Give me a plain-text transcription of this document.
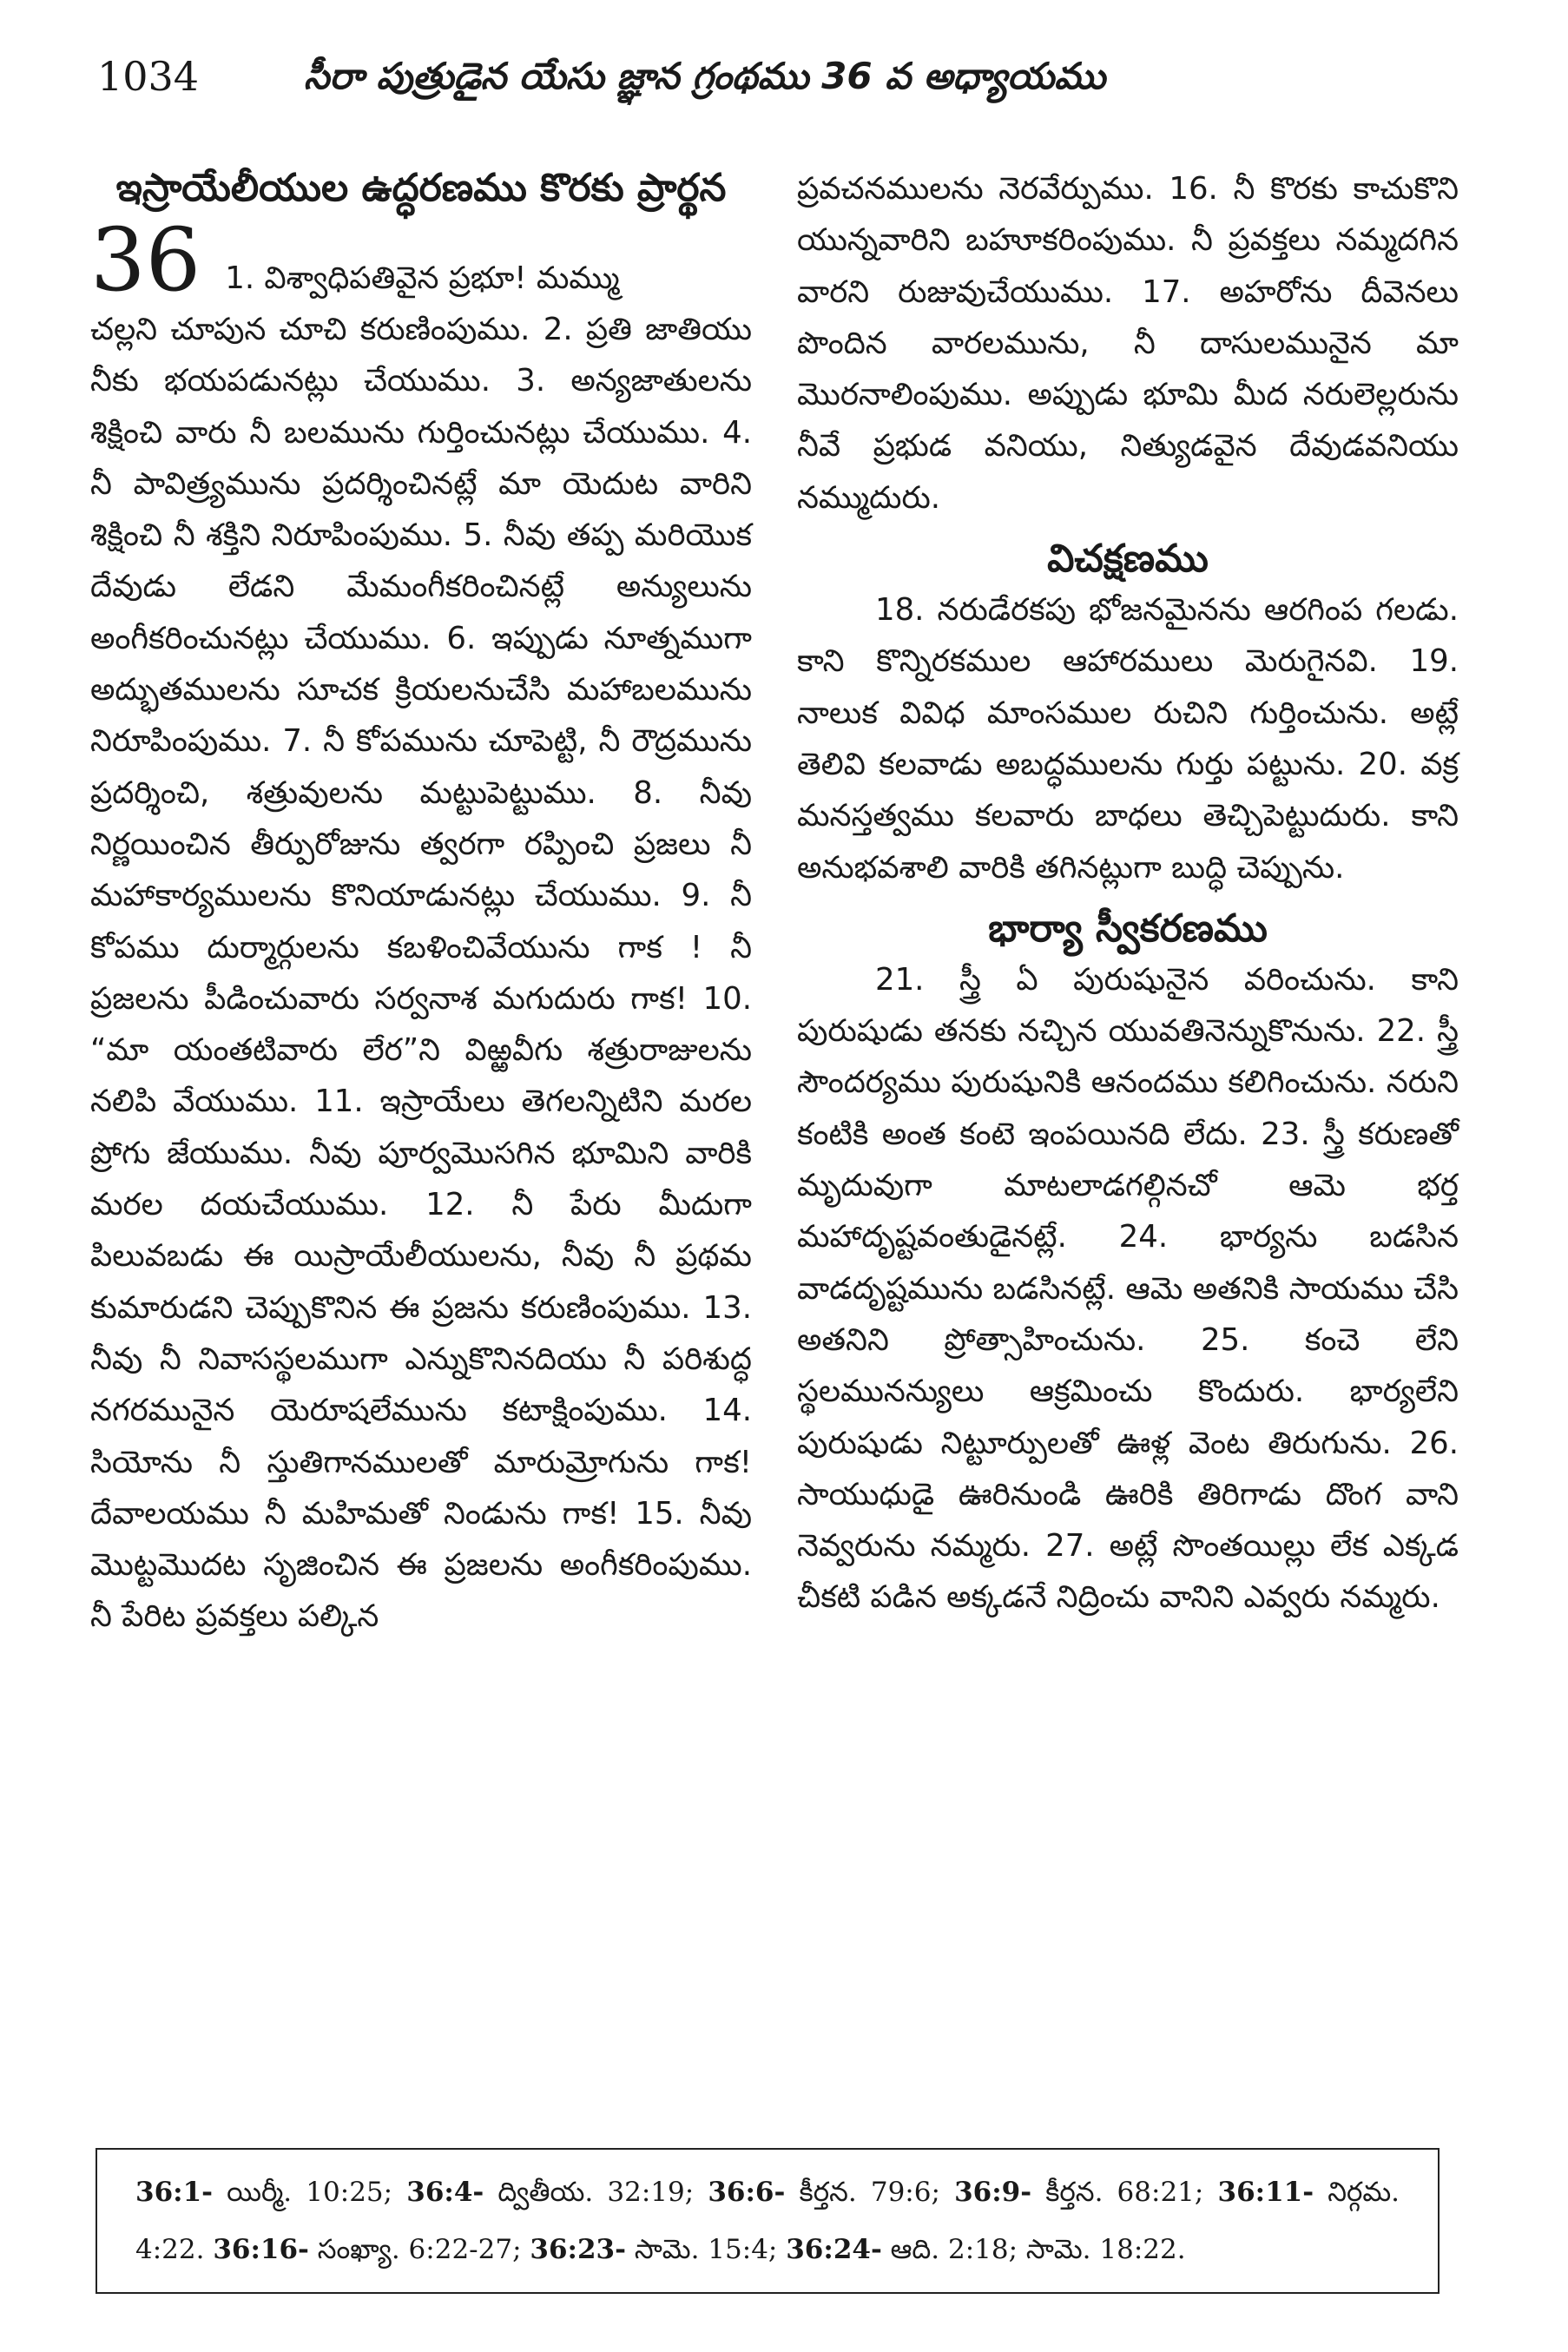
1034	సీరా పుత్రుడైన యేసు జ్ఞాన గ్రంథము 36 వ అధ్యాయము
ఇస్రాయేలీయుల ఉద్ధరణము కొరకు ప్రార్థన
36 1. విశ్వాధిపతివైన ప్రభూ! మమ్ము

చల్లని చూపున చూచి కరుణింపుము. 2. ప్రతి జాతియు నీకు భయపడునట్లు చేయుము. 3. అన్యజాతులను శిక్షించి వారు నీ బలమును గుర్తించునట్లు చేయుము. 4. నీ పావిత్ర్యమును ప్రదర్శించినట్లే మా యెదుట వారిని శిక్షించి నీ శక్తిని నిరూపింపుము. 5. నీవు తప్ప మరియొక దేవుడు లేడని మేమంగీకరించినట్లే అన్యులును అంగీకరించునట్లు చేయుము. 6. ఇప్పుడు నూత్నముగా అద్భుతములను సూచక క్రియలనుచేసి మహాబలమును నిరూపింపుము. 7. నీ కోపమును చూపెట్టి, నీ రౌద్రమును ప్రదర్శించి, శత్రువులను మట్టుపెట్టుము. 8. నీవు నిర్ణయించిన తీర్పురోజును త్వరగా రప్పించి ప్రజలు నీ మహాకార్యములను కొనియాడునట్లు చేయుము. 9. నీ కోపము దుర్మార్గులను కబళించివేయును గాక ! నీ ప్రజలను పీడించువారు సర్వనాశ మగుదురు గాక! 10. “మా యంతటివారు లేర”ని విఱ్ఱవీగు శత్రురాజులను నలిపి వేయుము. 11. ఇస్రాయేలు తెగలన్నిటిని మరల ప్రోగు జేయుము. నీవు పూర్వమొసగిన భూమిని వారికి మరల దయచేయుము. 12. నీ పేరు మీదుగా పిలువబడు ఈ యిస్రాయేలీయులను, నీవు నీ ప్రథమ కుమారుడని చెప్పుకొనిన ఈ ప్రజను కరుణింపుము. 13. నీవు నీ నివాసస్థలముగా ఎన్నుకొనినదియు నీ పరిశుద్ధ నగరమునైన యెరూషలేమును కటాక్షింపుము. 14. సియోను నీ స్తుతిగానములతో మారుమ్రోగును గాక! దేవాలయము నీ మహిమతో నిండును గాక! 15. నీవు మొట్టమొదట సృజించిన ఈ ప్రజలను అంగీకరింపుము. నీ పేరిట ప్రవక్తలు పల్కిన

ప్రవచనములను నెరవేర్పుము. 16. నీ కొరకు కాచుకొని యున్నవారిని బహూకరింపుము. నీ ప్రవక్తలు నమ్మదగిన వారని రుజువుచేయుము. 17. అహరోను దీవెనలు పొందిన వారలమును, నీ దాసులమునైన మా మొరనాలింపుము. అప్పుడు భూమి మీద నరులెల్లరును నీవే ప్రభుడ వనియు, నిత్యుడవైన దేవుడవనియు నమ్ముదురు.

విచక్షణము

18. నరుడేరకపు భోజనమైనను ఆరగింప గలడు. కాని కొన్నిరకముల ఆహారములు మెరుగైనవి. 19. నాలుక వివిధ మాంసముల రుచిని గుర్తించును. అట్లే తెలివి కలవాడు అబద్ధములను గుర్తు పట్టును. 20. వక్ర మనస్తత్వము కలవారు బాధలు తెచ్చిపెట్టుదురు. కాని అనుభవశాలి వారికి తగినట్లుగా బుద్ధి చెప్పును.

భార్యా స్వీకరణము

21. స్త్రీ ఏ పురుషునైన వరించును. కాని పురుషుడు తనకు నచ్చిన యువతినెన్నుకొనును. 22. స్త్రీ సౌందర్యము పురుషునికి ఆనందము కలిగించును. నరుని కంటికి అంత కంటె ఇంపయినది లేదు. 23. స్త్రీ కరుణతో మృదువుగా మాటలాడగల్గినచో ఆమె భర్త మహాదృష్టవంతుడైనట్లే. 24. భార్యను బడసిన వాడదృష్టమును బడసినట్లే. ఆమె అతనికి సాయము చేసి అతనిని ప్రోత్సాహించును. 25. కంచె లేని స్థలమునన్యులు ఆక్రమించు కొందురు. భార్యలేని పురుషుడు నిట్టూర్పులతో ఊళ్ల వెంట తిరుగును. 26. సాయుధుడై ఊరినుండి ఊరికి తిరిగాడు దొంగ వాని నెవ్వరును నమ్మరు. 27. అట్లే సొంతయిల్లు లేక ఎక్కడ చీకటి పడిన అక్కడనే నిద్రించు వానిని ఎవ్వరు నమ్మరు.

36:1- యిర్మీ. 10:25; 36:4- ద్వితీయ. 32:19; 36:6- కీర్తన. 79:6; 36:9- కీర్తన. 68:21; 36:11- నిర్గమ. 4:22. 36:16- సంఖ్యా. 6:22-27; 36:23- సామె. 15:4; 36:24- ఆది. 2:18; సామె. 18:22.
